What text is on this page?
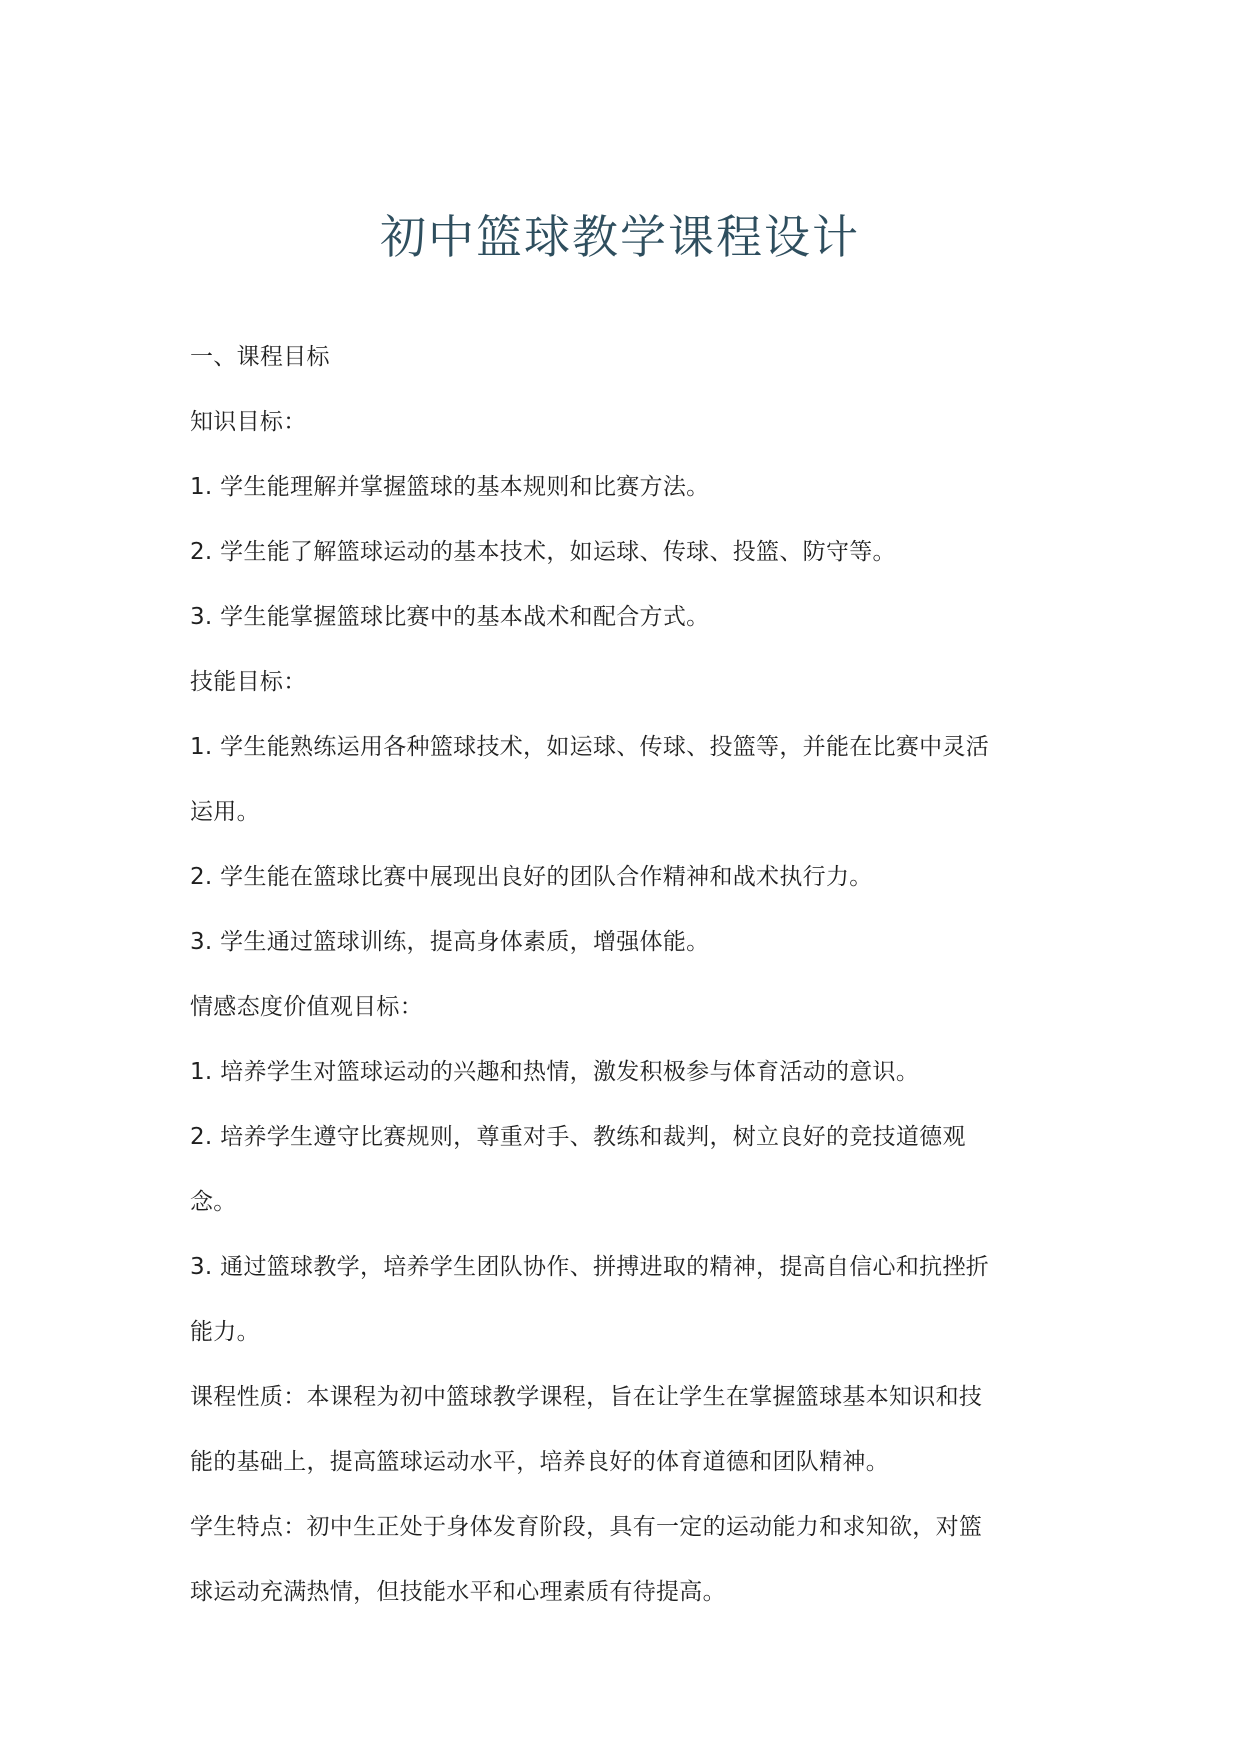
初中篮球教学课程设计

一、课程目标

知识目标：

1. 学生能理解并掌握篮球的基本规则和比赛方法。

2. 学生能了解篮球运动的基本技术，如运球、传球、投篮、防守等。

3. 学生能掌握篮球比赛中的基本战术和配合方式。

技能目标：

1. 学生能熟练运用各种篮球技术，如运球、传球、投篮等，并能在比赛中灵活

运用。

2. 学生能在篮球比赛中展现出良好的团队合作精神和战术执行力。

3. 学生通过篮球训练，提高身体素质，增强体能。

情感态度价值观目标：

1. 培养学生对篮球运动的兴趣和热情，激发积极参与体育活动的意识。

2. 培养学生遵守比赛规则，尊重对手、教练和裁判，树立良好的竞技道德观

念。

3. 通过篮球教学，培养学生团队协作、拼搏进取的精神，提高自信心和抗挫折

能力。

课程性质：本课程为初中篮球教学课程，旨在让学生在掌握篮球基本知识和技

能的基础上，提高篮球运动水平，培养良好的体育道德和团队精神。

学生特点：初中生正处于身体发育阶段，具有一定的运动能力和求知欲，对篮

球运动充满热情，但技能水平和心理素质有待提高。
